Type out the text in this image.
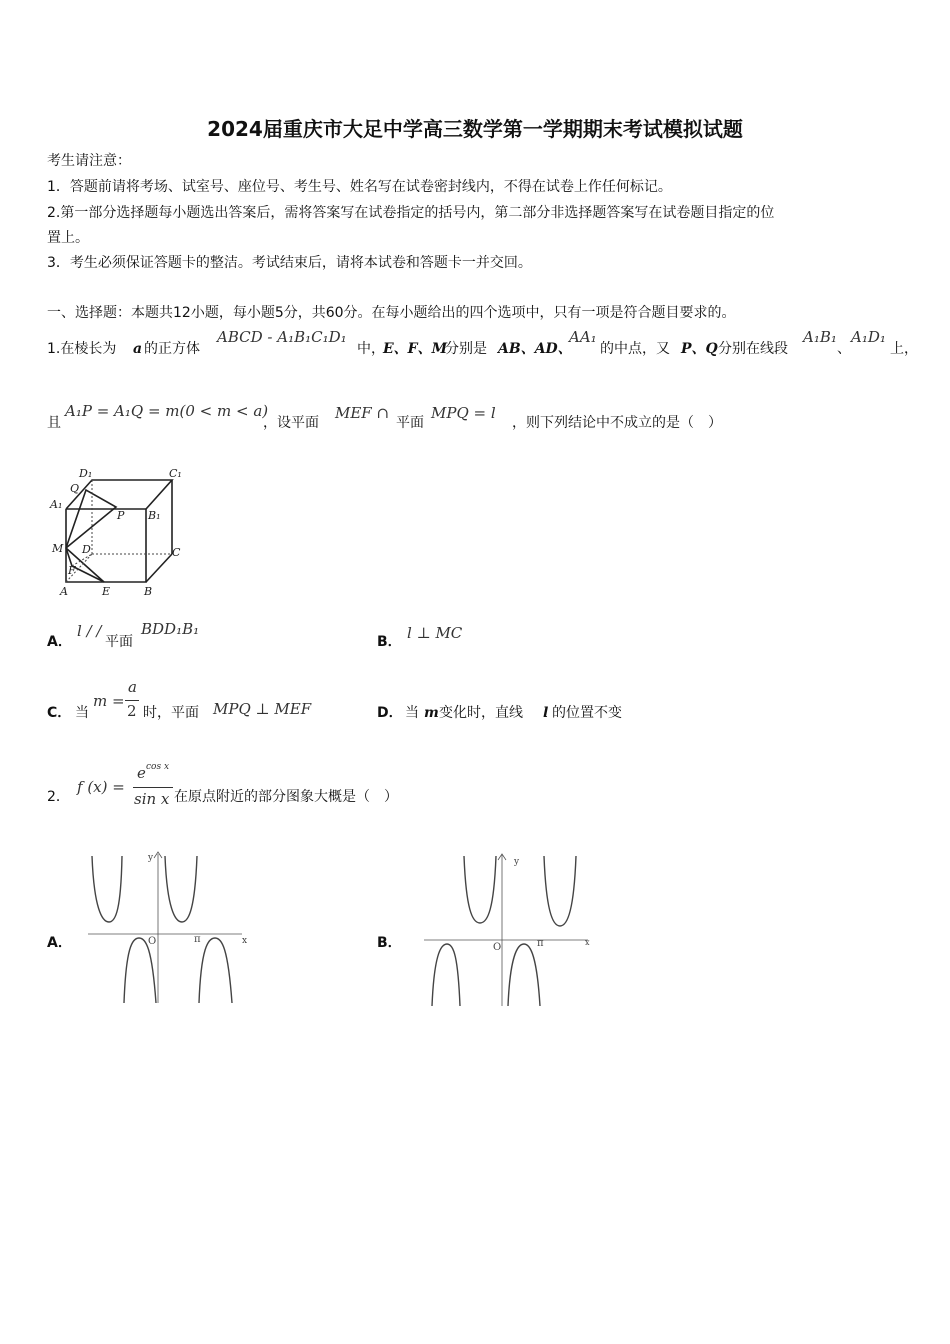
2024届重庆市大足中学高三数学第一学期期末考试模拟试题
考生请注意：
1．答题前请将考场、试室号、座位号、考生号、姓名写在试卷密封线内，不得在试卷上作任何标记。
2.第一部分选择题每小题选出答案后，需将答案写在试卷指定的括号内，第二部分非选择题答案写在试卷题目指定的位
置上。
3．考生必须保证答题卡的整洁。考试结束后，请将本试卷和答题卡一并交回。
一、选择题：本题共12小题，每小题5分，共60分。在每小题给出的四个选项中，只有一项是符合题目要求的。
1.在棱长为 a 的正方体
ABCD - A₁B₁C₁D₁
中，
E、F、M
分别是 AB、AD、
AA₁
的中点，又 P、Q 分别在线段
A₁B₁
、
A₁D₁
上，
且
A₁P = A₁Q = m(0 < m < a)
，设平面
MEF ∩
平面
MPQ = l
，则下列结论中不成立的是（　）
D₁	C₁
Q
A₁
P B₁
M D	C
F
A	E	B
A．
l / /
平面
BDD₁B₁
B． l ⊥ MC
C． 当
m =
a
2 时，平面 MPQ ⊥ MEF	D． 当 m 变化时，直线 l 的位置不变
2．
f (x) =
e cos x
sin x 在原点附近的部分图象大概是（　）
A．
y
x
O	π	B．
y
O	π	x
